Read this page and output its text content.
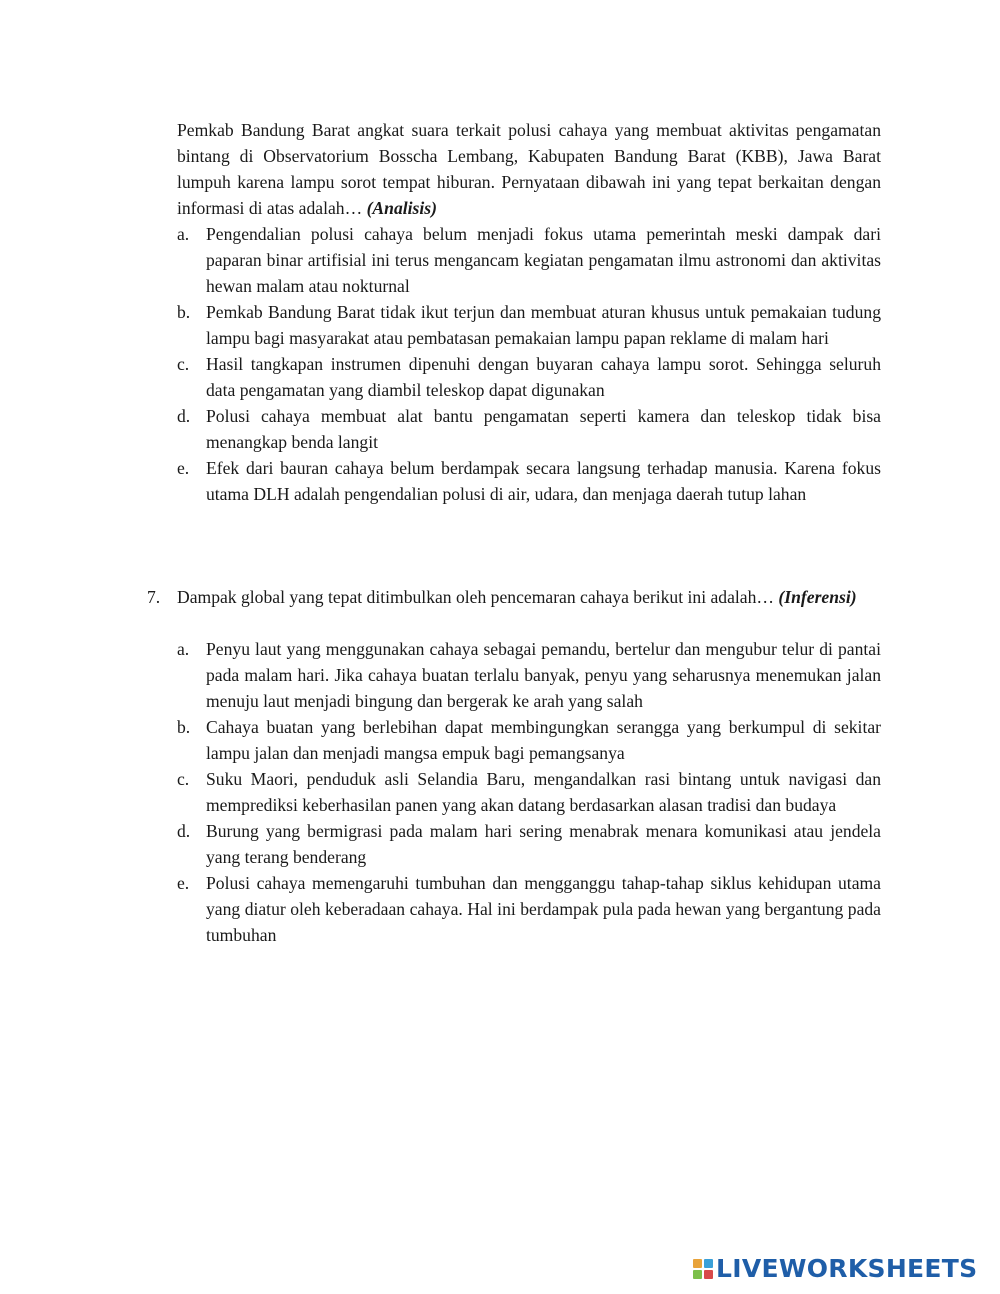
Pemkab Bandung Barat angkat suara terkait polusi cahaya yang membuat aktivitas pengamatan bintang di Observatorium Bosscha Lembang, Kabupaten Bandung Barat (KBB), Jawa Barat lumpuh karena lampu sorot tempat hiburan. Pernyataan dibawah ini yang tepat berkaitan dengan informasi di atas adalah… (Analisis)

a. Pengendalian polusi cahaya belum menjadi fokus utama pemerintah meski dampak dari paparan binar artifisial ini terus mengancam kegiatan pengamatan ilmu astronomi dan aktivitas hewan malam atau nokturnal
b. Pemkab Bandung Barat tidak ikut terjun dan membuat aturan khusus untuk pemakaian tudung lampu bagi masyarakat atau pembatasan pemakaian lampu papan reklame di malam hari
c. Hasil tangkapan instrumen dipenuhi dengan buyaran cahaya lampu sorot. Sehingga seluruh data pengamatan yang diambil teleskop dapat digunakan
d. Polusi cahaya membuat alat bantu pengamatan seperti kamera dan teleskop tidak bisa menangkap benda langit
e. Efek dari bauran cahaya belum berdampak secara langsung terhadap manusia. Karena fokus utama DLH adalah pengendalian polusi di air, udara, dan menjaga daerah tutup lahan
7. Dampak global yang tepat ditimbulkan oleh pencemaran cahaya berikut ini adalah… (Inferensi)
a. Penyu laut yang menggunakan cahaya sebagai pemandu, bertelur dan mengubur telur di pantai pada malam hari. Jika cahaya buatan terlalu banyak, penyu yang seharusnya menemukan jalan menuju laut menjadi bingung dan bergerak ke arah yang salah
b. Cahaya buatan yang berlebihan dapat membingungkan serangga yang berkumpul di sekitar lampu jalan dan menjadi mangsa empuk bagi pemangsanya
c. Suku Maori, penduduk asli Selandia Baru, mengandalkan rasi bintang untuk navigasi dan memprediksi keberhasilan panen yang akan datang berdasarkan alasan tradisi dan budaya
d. Burung yang bermigrasi pada malam hari sering menabrak menara komunikasi atau jendela yang terang benderang
e. Polusi cahaya memengaruhi tumbuhan dan mengganggu tahap-tahap siklus kehidupan utama yang diatur oleh keberadaan cahaya. Hal ini berdampak pula pada hewan yang bergantung pada tumbuhan
LIVEWORKSHEETS
